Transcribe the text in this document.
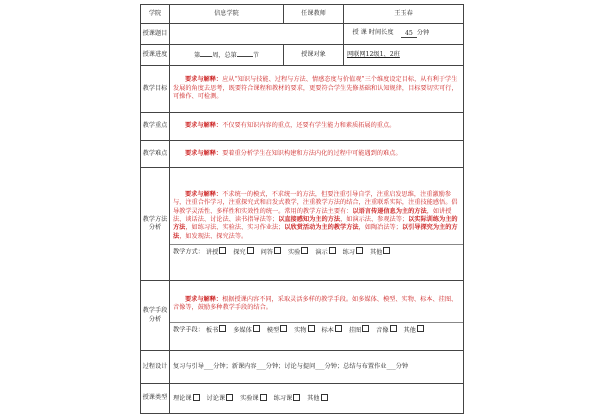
学院	信息学院	任课教师	王玉春
授课题目			授 课 时间长度 45 分钟
授课进度	第 周，总第 节	授课对象	网联网12级1、2班
教学目标	要求与解释：应从“知识与技能、过程与方法、情感态度与价值观”三个维度设定目标，从有利于学生发展的角度去思考，既要符合课程和教材的要求，更要符合学生先修基础和认知规律，目标要切实可行，可操作、可检测。		
教学重点	要求与解释：不仅要有知识内容的重点，还要有学生能力和素质拓展的重点。		
教学难点	要求与解释：要着重分析学生在知识构建和方法内化的过程中可能遇到的难点。		
教学方法分析	要求与解释：不求统一的模式，不求统一的方法，但要注重引导自学，注重启发思维，注重激励参与，注重合作学习，注重探究式和启发式教学，注重教学方法的结合，注重联系实际，注重技能感悟。倡导教学灵活性、多样性和实效性的统一。常用的教学方法主要有：以语言传递信息为主的方法，如讲授法、谈话法、讨论法、读书指导法等；以直接感知为主的方法，如演示法、参观法等；以实际训练为主的方法，如练习法、实验法、实习作业法；以欣赏活动为主的教学方法，如陶冶法等；以引导探究为主的方法，如发现法、探究法等。
教学方式： 讲授 探究 问答 实验 演示 练习 其他		

教学手段分析	要求与解释：根据授课内容不同，采取灵活多样的教学手段。如多媒体、模型、实物、标本、挂图、音像等，鼓励多种教学手段的结合。
教学手段： 板书 多媒体 模型 实物 标本 挂图 音像 其他		

过程设计	复习与引导___分钟；新课内容___分钟；讨论与提问___分钟；总结与布置作业___分钟		
授课类型	理论课 讨论课 实验课 练习课 其他		
